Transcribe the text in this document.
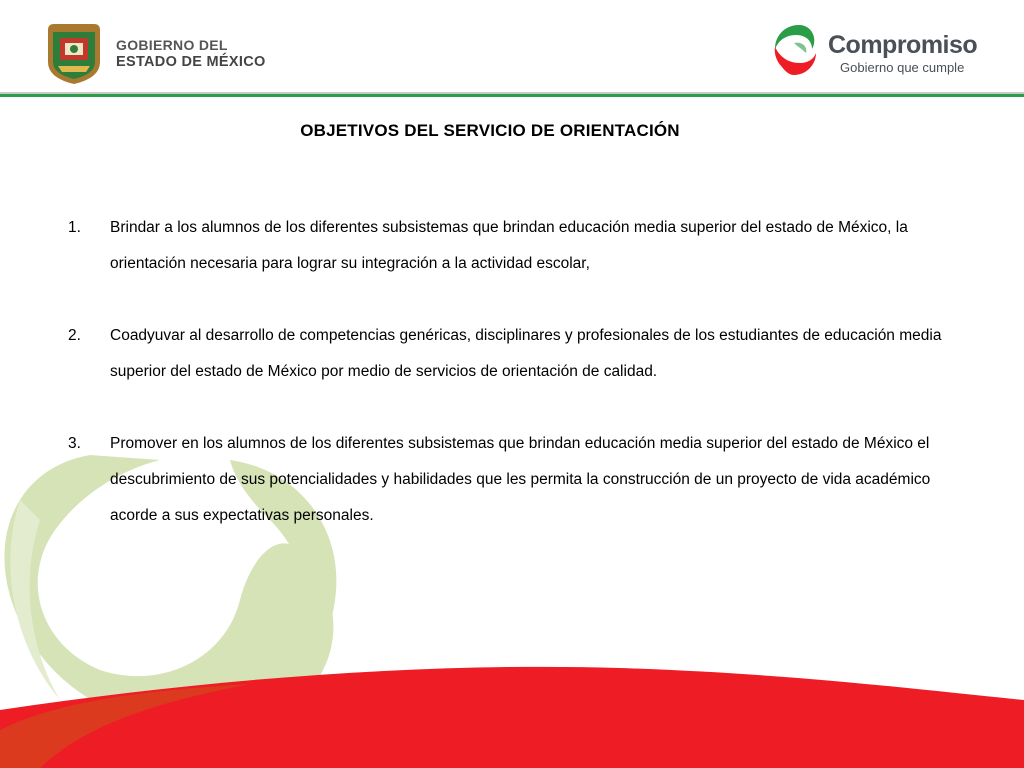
GOBIERNO DEL
ESTADO DE MÉXICO
Compromiso
Gobierno que cumple
OBJETIVOS DEL SERVICIO DE ORIENTACIÓN
1. Brindar a los alumnos de los diferentes subsistemas que brindan educación media superior del estado de México, la orientación necesaria para lograr su integración a la actividad escolar,
2. Coadyuvar al desarrollo de competencias genéricas, disciplinares y profesionales de los estudiantes de educación media superior del estado de México por medio de servicios de orientación de calidad.
3. Promover en los alumnos de los diferentes subsistemas que brindan educación media superior del estado de México el descubrimiento de sus potencialidades y habilidades que les permita la construcción de un proyecto de vida académico acorde a sus expectativas personales.
